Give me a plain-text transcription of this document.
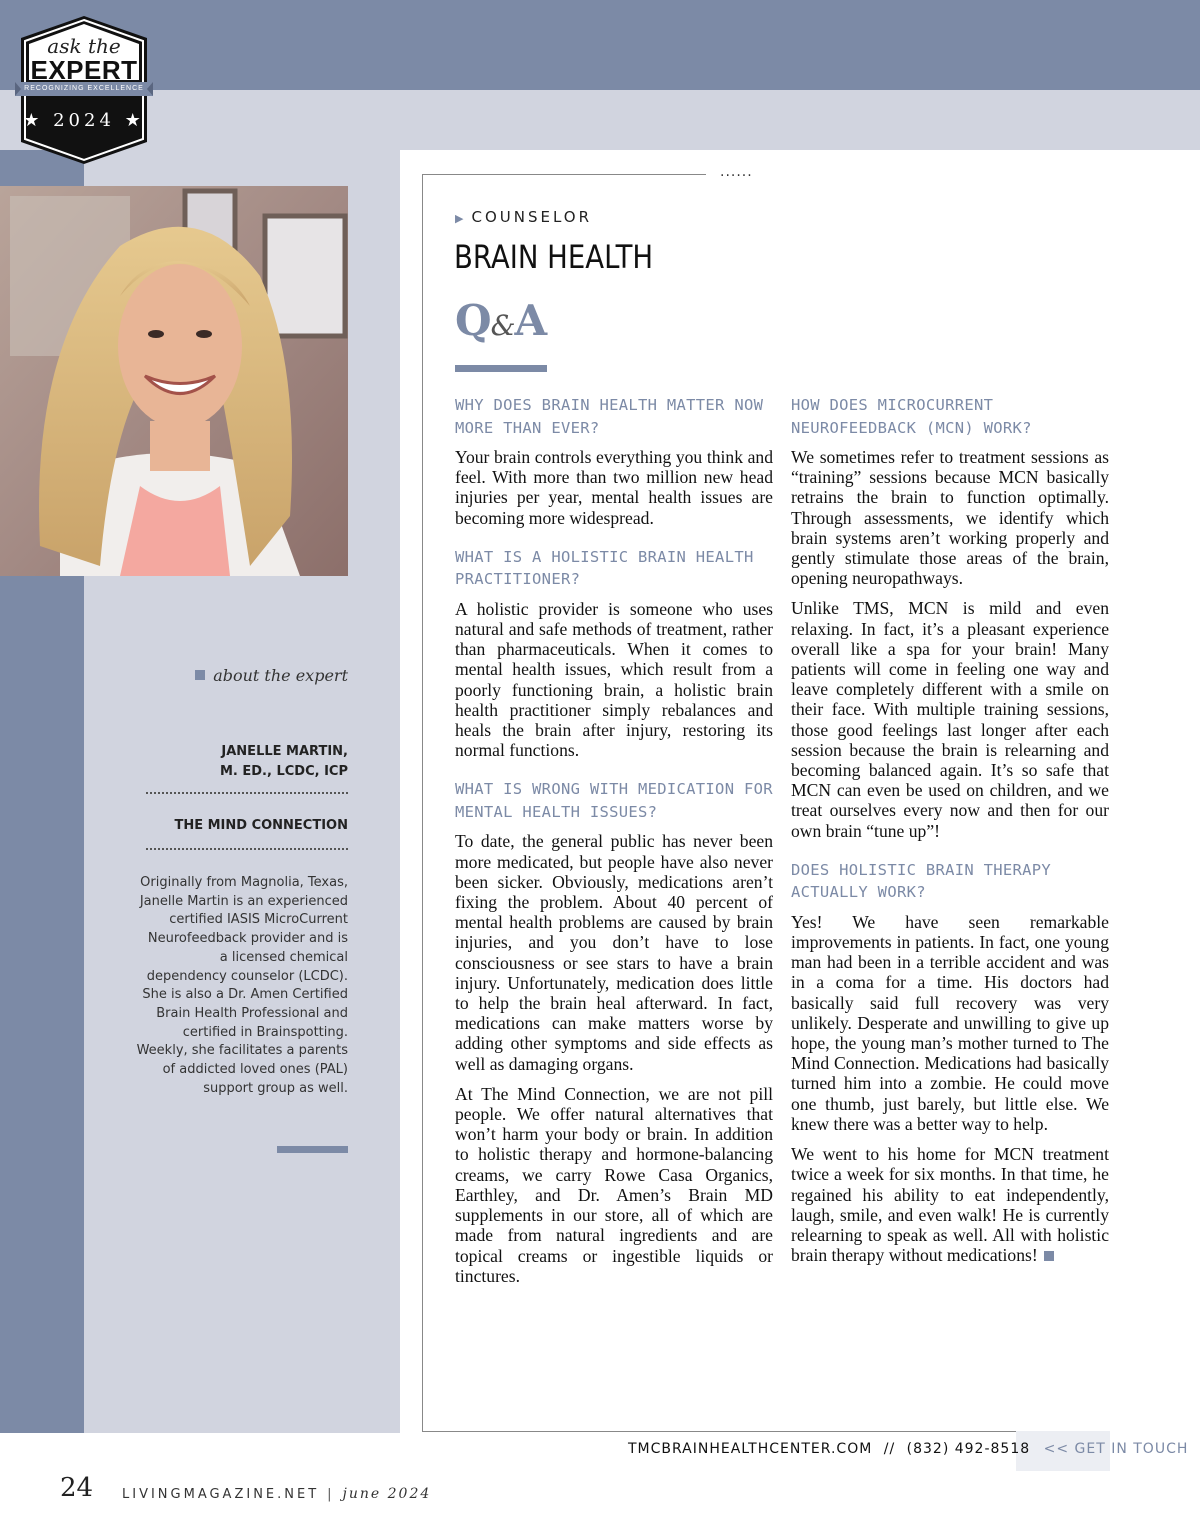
ask the
EXPERT
RECOGNIZING EXCELLENCE
★ 2024 ★
about the expert
JANELLE MARTIN,
M. ED., LCDC, ICP
THE MIND CONNECTION
Originally from Magnolia, Texas, Janelle Martin is an experienced certified IASIS MicroCurrent Neurofeedback provider and is a licensed chemical dependency counselor (LCDC). She is also a Dr. Amen Certified Brain Health Professional and certified in Brainspotting. Weekly, she facilitates a parents of addicted loved ones (PAL) support group as well.
......
▶ COUNSELOR
BRAIN HEALTH
Q&A

WHY DOES BRAIN HEALTH MATTER NOW MORE THAN EVER?

Your brain controls everything you think and feel. With more than two million new head injuries per year, mental health issues are becoming more widespread.

WHAT IS A HOLISTIC BRAIN HEALTH PRACTITIONER?

A holistic provider is someone who uses natural and safe methods of treatment, rather than pharmaceuticals. When it comes to mental health issues, which result from a poorly functioning brain, a holistic brain health practitioner simply rebalances and heals the brain after injury, restoring its normal functions.

WHAT IS WRONG WITH MEDICATION FOR MENTAL HEALTH ISSUES?

To date, the general public has never been more medicated, but people have also never been sicker. Obviously, medications aren’t fixing the problem. About 40 percent of mental health problems are caused by brain injuries, and you don’t have to lose consciousness or see stars to have a brain injury. Unfortunately, medication does little to help the brain heal afterward. In fact, medications can make matters worse by adding other symptoms and side effects as well as damaging organs.

At The Mind Connection, we are not pill people. We offer natural alternatives that won’t harm your body or brain. In addition to holistic therapy and hormone-balancing creams, we carry Rowe Casa Organics, Earthley, and Dr. Amen’s Brain MD supplements in our store, all of which are made from natural ingredients and are topical creams or ingestible liquids or tinctures.

HOW DOES MICROCURRENT NEUROFEEDBACK (MCN) WORK?

We sometimes refer to treatment sessions as “training” sessions because MCN basically retrains the brain to function optimally. Through assessments, we identify which brain systems aren’t working properly and gently stimulate those areas of the brain, opening neuropathways.

Unlike TMS, MCN is mild and even relaxing. In fact, it’s a pleasant experience overall like a spa for your brain! Many patients will come in feeling one way and leave completely different with a smile on their face. With multiple training sessions, those good feelings last longer after each session because the brain is relearning and becoming balanced again. It’s so safe that MCN can even be used on children, and we treat ourselves every now and then for our own brain “tune up”!

DOES HOLISTIC BRAIN THERAPY ACTUALLY WORK?

Yes! We have seen remarkable improvements in patients. In fact, one young man had been in a terrible accident and was in a coma for a time. His doctors had basically said full recovery was very unlikely. Desperate and unwilling to give up hope, the young man’s mother turned to The Mind Connection. Medications had basically turned him into a zombie. He could move one thumb, just barely, but little else. We knew there was a better way to help.

We went to his home for MCN treatment twice a week for six months. In that time, he regained his ability to eat independently, laugh, smile, and even walk! He is currently relearning to speak as well. All with holistic brain therapy without medications!

TMCBRAINHEALTHCENTER.COM // (832) 492-8518 << GET IN TOUCH
24 LIVINGMAGAZINE.NET | june 2024
